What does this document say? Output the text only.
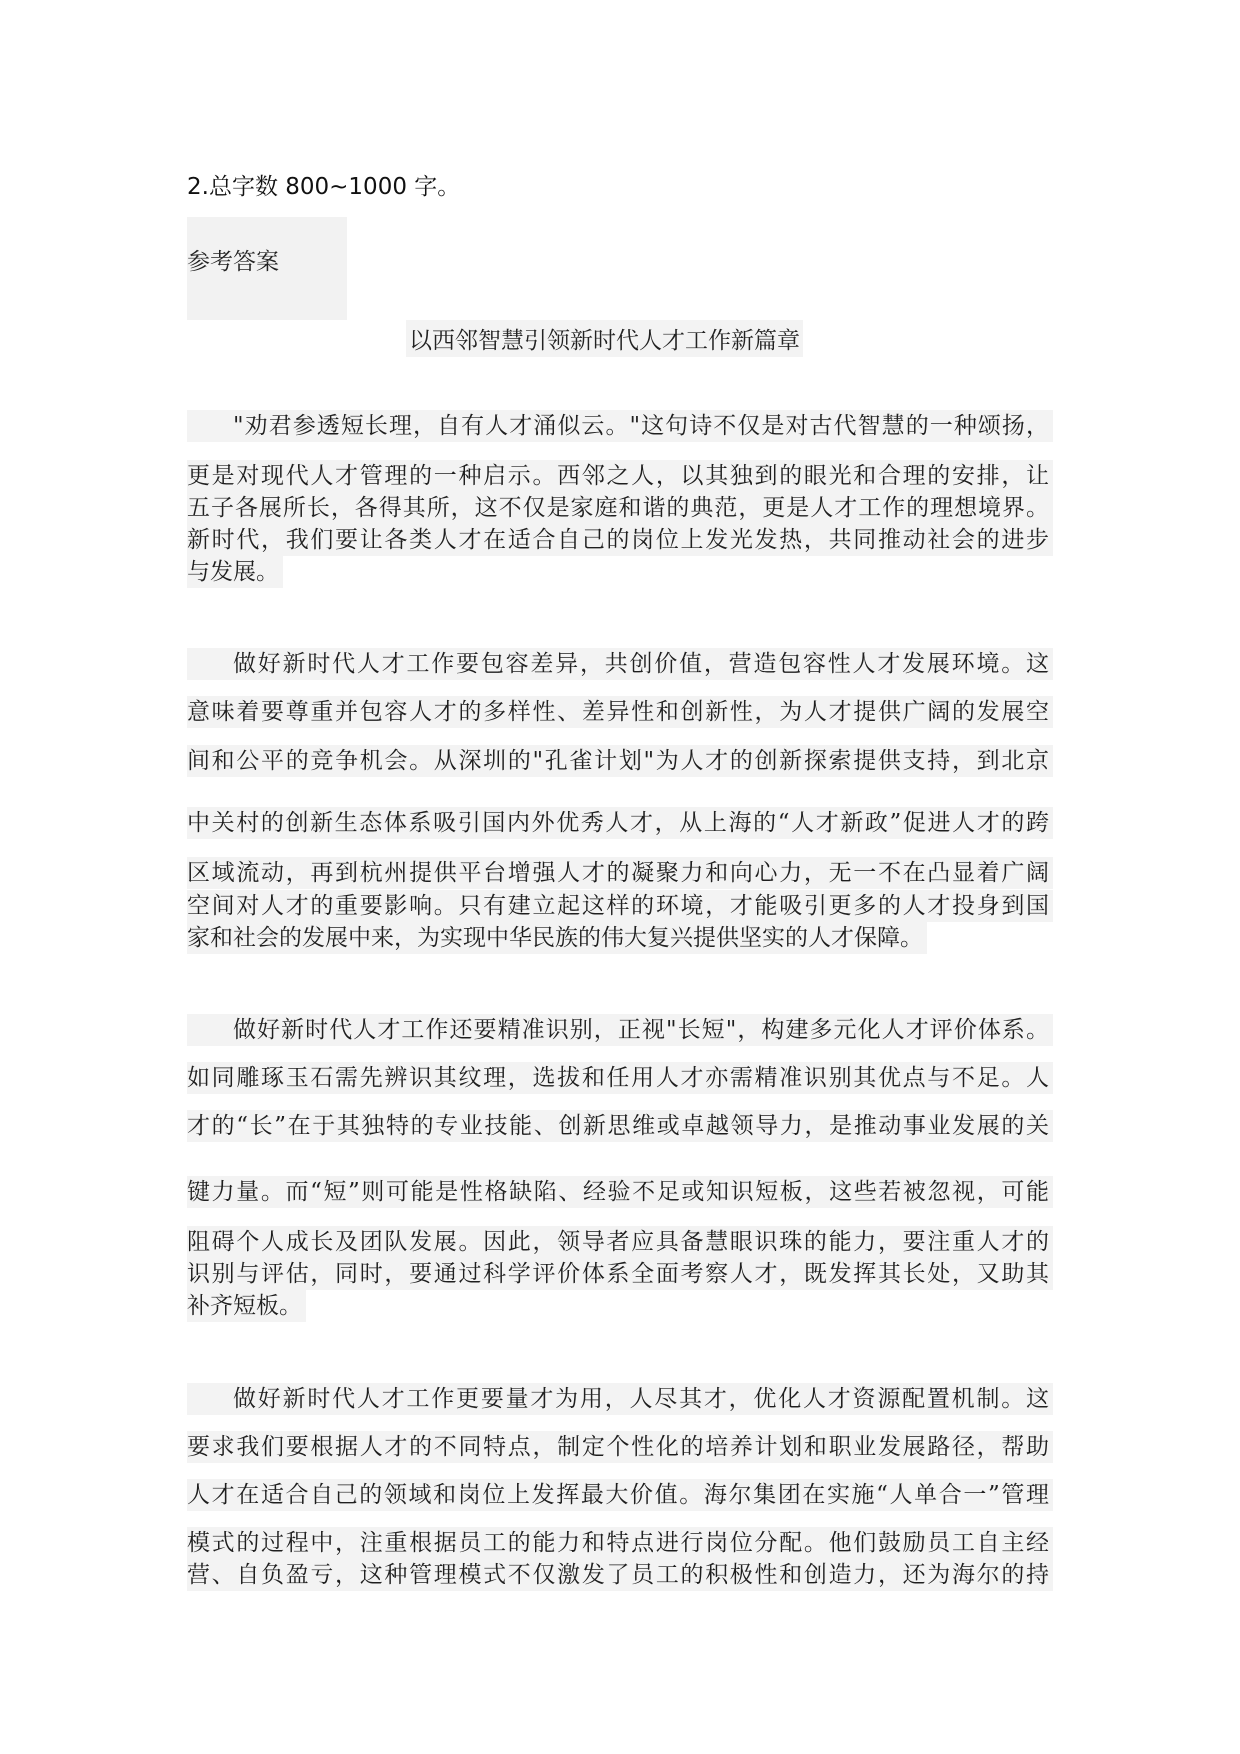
2.总字数 800~1000 字。
参考答案
以西邻智慧引领新时代人才工作新篇章
"劝君参透短长理，自有人才涌似云。"这句诗不仅是对古代智慧的一种颂扬，
更是对现代人才管理的一种启示。西邻之人，以其独到的眼光和合理的安排，让
五子各展所长，各得其所，这不仅是家庭和谐的典范，更是人才工作的理想境界。
新时代，我们要让各类人才在适合自己的岗位上发光发热，共同推动社会的进步
与发展。
做好新时代人才工作要包容差异，共创价值，营造包容性人才发展环境。这
意味着要尊重并包容人才的多样性、差异性和创新性，为人才提供广阔的发展空
间和公平的竞争机会。从深圳的"孔雀计划"为人才的创新探索提供支持，到北京
中关村的创新生态体系吸引国内外优秀人才，从上海的“人才新政”促进人才的跨
区域流动，再到杭州提供平台增强人才的凝聚力和向心力，无一不在凸显着广阔
空间对人才的重要影响。只有建立起这样的环境，才能吸引更多的人才投身到国
家和社会的发展中来，为实现中华民族的伟大复兴提供坚实的人才保障。
做好新时代人才工作还要精准识别，正视"长短"，构建多元化人才评价体系。
如同雕琢玉石需先辨识其纹理，选拔和任用人才亦需精准识别其优点与不足。人
才的“长”在于其独特的专业技能、创新思维或卓越领导力，是推动事业发展的关
键力量。而“短”则可能是性格缺陷、经验不足或知识短板，这些若被忽视，可能
阻碍个人成长及团队发展。因此，领导者应具备慧眼识珠的能力，要注重人才的
识别与评估，同时，要通过科学评价体系全面考察人才，既发挥其长处，又助其
补齐短板。
做好新时代人才工作更要量才为用，人尽其才，优化人才资源配置机制。这
要求我们要根据人才的不同特点，制定个性化的培养计划和职业发展路径，帮助
人才在适合自己的领域和岗位上发挥最大价值。海尔集团在实施“人单合一”管理
模式的过程中，注重根据员工的能力和特点进行岗位分配。他们鼓励员工自主经
营、自负盈亏，这种管理模式不仅激发了员工的积极性和创造力，还为海尔的持
